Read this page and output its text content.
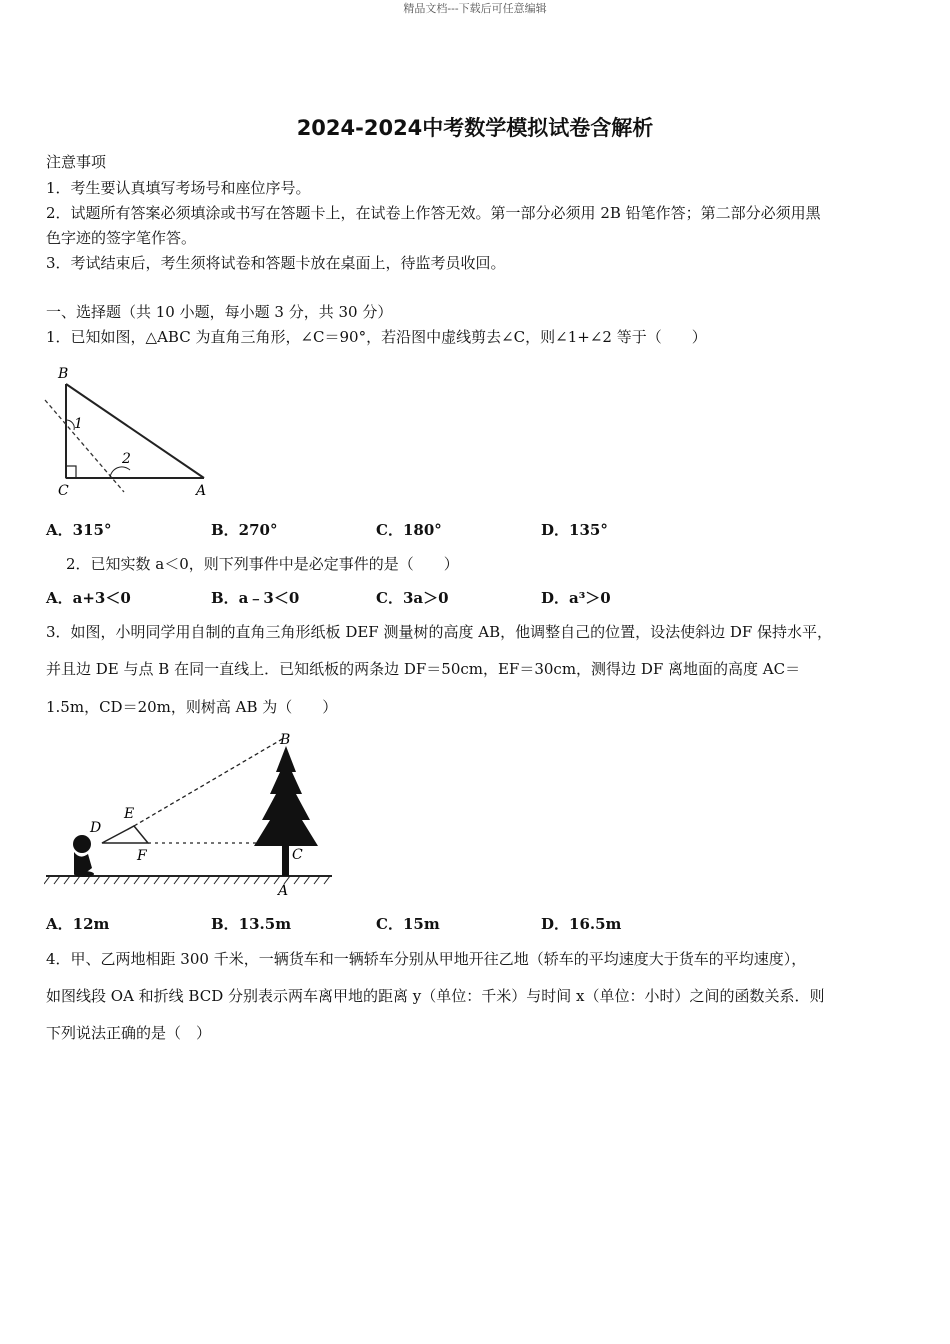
精品文档---下载后可任意编辑
2024-2024中考数学模拟试卷含解析
注意事项
1．考生要认真填写考场号和座位序号。
2．试题所有答案必须填涂或书写在答题卡上，在试卷上作答无效。第一部分必须用 2B 铅笔作答；第二部分必须用黑
色字迹的签字笔作答。
3．考试结束后，考生须将试卷和答题卡放在桌面上，待监考员收回。
一、选择题（共 10 小题，每小题 3 分，共 30 分）
1．已知如图，△ABC 为直角三角形，∠C＝90°，若沿图中虚线剪去∠C，则∠1+∠2 等于（　　）
B
1
2
C	A
A．315°	B．270°	C．180°	D．135°
2．已知实数 a＜0，则下列事件中是必定事件的是（　　）
A．a+3＜0	B．a﹣3＜0	C．3a＞0	D．a³＞0
3．如图，小明同学用自制的直角三角形纸板 DEF 测量树的高度 AB，他调整自己的位置，设法使斜边 DF 保持水平，
并且边 DE 与点 B 在同一直线上．已知纸板的两条边 DF＝50cm，EF＝30cm，测得边 DF 离地面的高度 AC＝
1.5m，CD＝20m，则树高 AB 为（　　）
D
E
F
B
C
A
A．12m	B．13.5m	C．15m	D．16.5m
4．甲、乙两地相距 300 千米，一辆货车和一辆轿车分别从甲地开往乙地（轿车的平均速度大于货车的平均速度），
如图线段 OA 和折线 BCD 分别表示两车离甲地的距离 y（单位：千米）与时间 x（单位：小时）之间的函数关系．则
下列说法正确的是（　）
